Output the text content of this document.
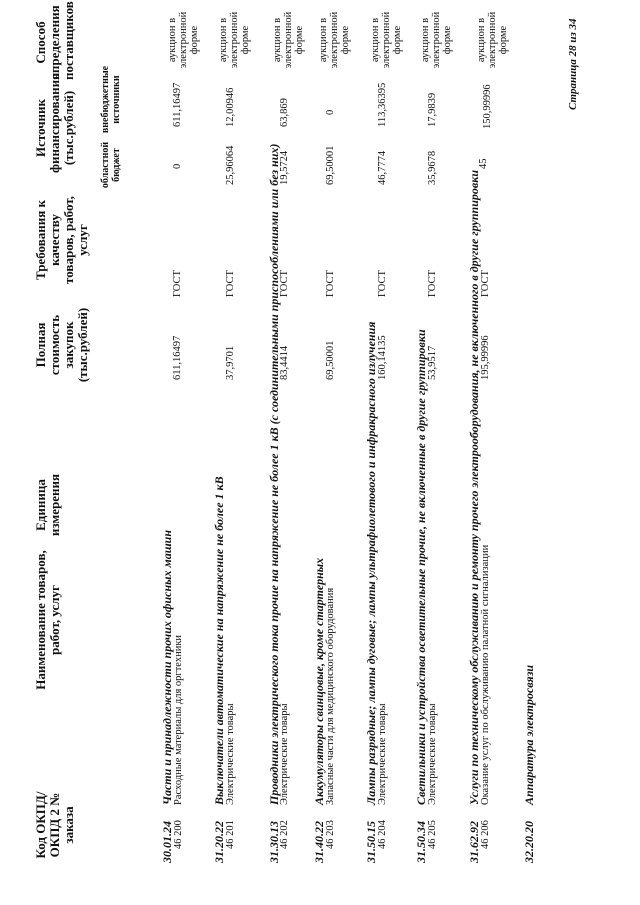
Код ОКПД/ ОКПД 2 № заказа
Наименование товаров, работ, услуг
Единица измерения
Полная стоимость закупок (тыс.рублей)
Требования к качеству товаров, работ, услуг
Источник финансирования (тыс.рублей) областной бюджет
внебюджетные источники
Способ определения поставщиков
30.01.24
Части и принадлежности прочих офисных машин
46 200
Расходные материалы для оргтехники
611,16497
ГОСТ
0
611,16497
аукцион в электронной форме
31.20.22
Выключатели автоматические на напряжение не более 1 кВ
46 201
Электрические товары
37,9701
ГОСТ
25,96064
12,00946
аукцион в электронной форме
31.30.13
Проводники электрического тока прочие на напряжение не более 1 кВ (с соединительными приспособлениями или без них)
46 202
Электрические товары
83,4414
ГОСТ
19,5724
63,869
аукцион в электронной форме
31.40.22
Аккумуляторы свинцовые, кроме стартерных
46 203
Запасные части для медицинского оборудования
69,50001
ГОСТ
69,50001
0
аукцион в электронной форме
31.50.15
Лампы разрядные; лампы дуговые; лампы ультрафиолетового и инфракрасного излучения
46 204
Электрические товары
160,14135
ГОСТ
46,7774
113,36395
аукцион в электронной форме
31.50.34
Светильники и устройства осветительные прочие, не включенные в другие группировки
46 205
Электрические товары
53,9517
ГОСТ
35,9678
17,9839
аукцион в электронной форме
31.62.92
Услуги по техническому обслуживанию и ремонту прочего электрооборудования, не включенного в другие группировки
46 206
Оказание услуг по обслуживанию палатной сигнализации
195,99996
ГОСТ
45
150,99996
аукцион в электронной форме
32.20.20
Аппаратура электросвязи
Страница 28 из 34
